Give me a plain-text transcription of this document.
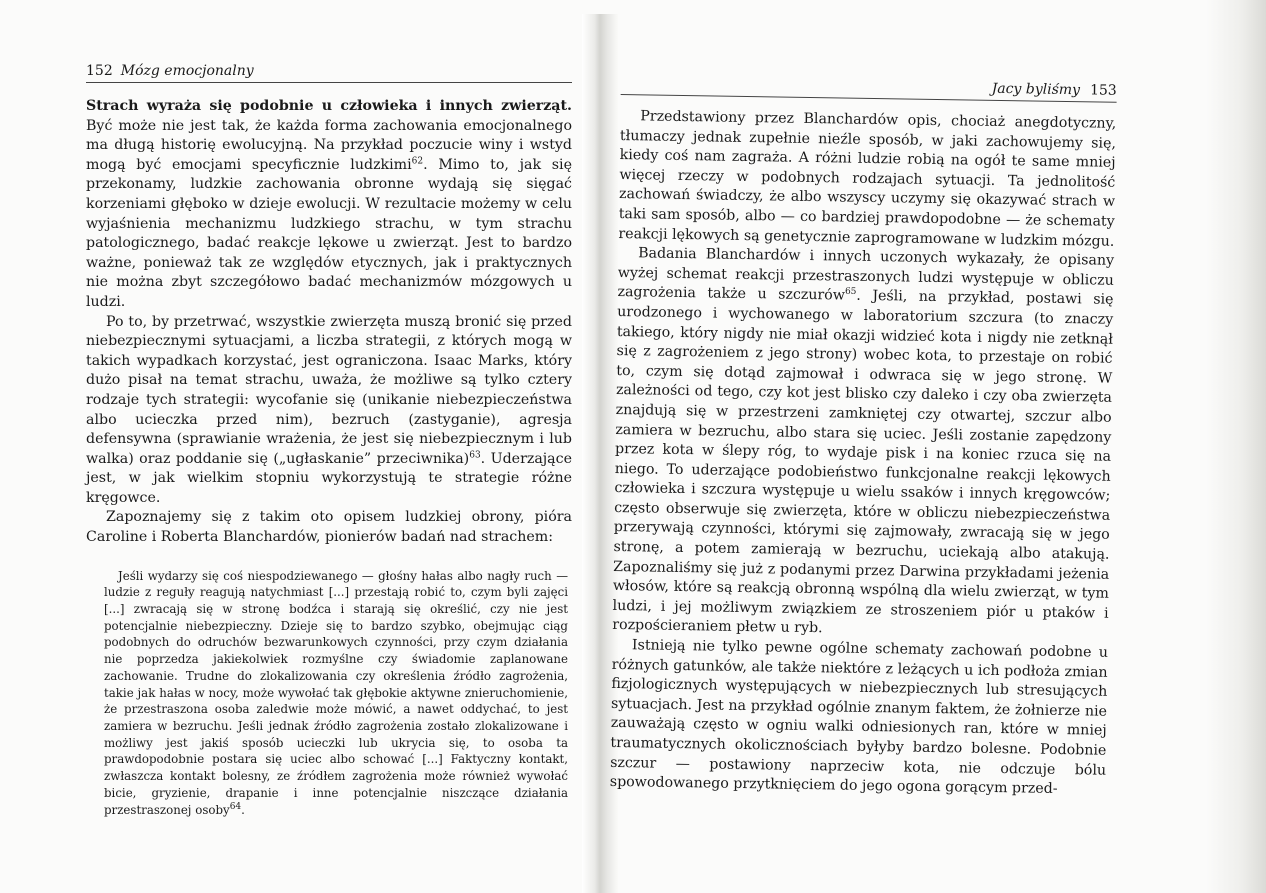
152 Mózg emocjonalny

Strach wyraża się podobnie u człowieka i innych zwierząt. Być może nie jest tak, że każda forma zachowania emocjonalnego ma długą historię ewolucyjną. Na przykład poczucie winy i wstyd mogą być emocjami specyficznie ludzkimi$^{62}$. Mimo to, jak się przekonamy, ludzkie zachowania obronne wydają się sięgać korzeniami głęboko w dzieje ewolucji. W rezultacie możemy w celu wyjaśnienia mechanizmu ludzkiego strachu, w tym strachu patologicznego, badać reakcje lękowe u zwierząt. Jest to bardzo ważne, ponieważ tak ze względów etycznych, jak i praktycznych nie można zbyt szczegółowo badać mechanizmów mózgowych u ludzi.

Po to, by przetrwać, wszystkie zwierzęta muszą bronić się przed niebezpiecznymi sytuacjami, a liczba strategii, z których mogą w takich wypadkach korzystać, jest ograniczona. Isaac Marks, który dużo pisał na temat strachu, uważa, że możliwe są tylko cztery rodzaje tych strategii: wycofanie się (unikanie niebezpieczeństwa albo ucieczka przed nim), bezruch (zastyganie), agresja defensywna (sprawianie wrażenia, że jest się niebezpiecznym i lub walka) oraz poddanie się („ugłaskanie” przeciwnika)$^{63}$. Uderzające jest, w jak wielkim stopniu wykorzystują te strategie różne kręgowce.

Zapoznajemy się z takim oto opisem ludzkiej obrony, pióra Caroline i Roberta Blanchardów, pionierów badań nad strachem:

Jeśli wydarzy się coś niespodziewanego — głośny hałas albo nagły ruch — ludzie z reguły reagują natychmiast [...] przestają robić to, czym byli zajęci [...] zwracają się w stronę bodźca i starają się określić, czy nie jest potencjalnie niebezpieczny. Dzieje się to bardzo szybko, obejmując ciąg podobnych do odruchów bezwarunkowych czynności, przy czym działania nie poprzedza jakiekolwiek rozmyślne czy świadomie zaplanowane zachowanie. Trudne do zlokalizowania czy określenia źródło zagrożenia, takie jak hałas w nocy, może wywołać tak głębokie aktywne znieruchomienie, że przestraszona osoba zaledwie może mówić, a nawet oddychać, to jest zamiera w bezruchu. Jeśli jednak źródło zagrożenia zostało zlokalizowane i możliwy jest jakiś sposób ucieczki lub ukrycia się, to osoba ta prawdopodobnie postara się uciec albo schować [...] Faktyczny kontakt, zwłaszcza kontakt bolesny, ze źródłem zagrożenia może również wywołać bicie, gryzienie, drapanie i inne potencjalnie niszczące działania przestraszonej osoby$^{64}$.

Jacy byliśmy 153

Przedstawiony przez Blanchardów opis, chociaż anegdotyczny, tłumaczy jednak zupełnie nieźle sposób, w jaki zachowujemy się, kiedy coś nam zagraża. A różni ludzie robią na ogół te same mniej więcej rzeczy w podobnych rodzajach sytuacji. Ta jednolitość zachowań świadczy, że albo wszyscy uczymy się okazywać strach w taki sam sposób, albo — co bardziej prawdopodobne — że schematy reakcji lękowych są genetycznie zaprogramowane w ludzkim mózgu.

Badania Blanchardów i innych uczonych wykazały, że opisany wyżej schemat reakcji przestraszonych ludzi występuje w obliczu zagrożenia także u szczurów$^{65}$. Jeśli, na przykład, postawi się urodzonego i wychowanego w laboratorium szczura (to znaczy takiego, który nigdy nie miał okazji widzieć kota i nigdy nie zetknął się z zagrożeniem z jego strony) wobec kota, to przestaje on robić to, czym się dotąd zajmował i odwraca się w jego stronę. W zależności od tego, czy kot jest blisko czy daleko i czy oba zwierzęta znajdują się w przestrzeni zamkniętej czy otwartej, szczur albo zamiera w bezruchu, albo stara się uciec. Jeśli zostanie zapędzony przez kota w ślepy róg, to wydaje pisk i na koniec rzuca się na niego. To uderzające podobieństwo funkcjonalne reakcji lękowych człowieka i szczura występuje u wielu ssaków i innych kręgowców; często obserwuje się zwierzęta, które w obliczu niebezpieczeństwa przerywają czynności, którymi się zajmowały, zwracają się w jego stronę, a potem zamierają w bezruchu, uciekają albo atakują. Zapoznaliśmy się już z podanymi przez Darwina przykładami jeżenia włosów, które są reakcją obronną wspólną dla wielu zwierząt, w tym ludzi, i jej możliwym związkiem ze stroszeniem piór u ptaków i rozpościeraniem płetw u ryb.

Istnieją nie tylko pewne ogólne schematy zachowań podobne u różnych gatunków, ale także niektóre z leżących u ich podłoża zmian fizjologicznych występujących w niebezpiecznych lub stresujących sytuacjach. Jest na przykład ogólnie znanym faktem, że żołnierze nie zauważają często w ogniu walki odniesionych ran, które w mniej traumatycznych okolicznościach byłyby bardzo bolesne. Podobnie szczur — postawiony naprzeciw kota, nie odczuje bólu spowodowanego przytknięciem do jego ogona gorącym przed-
